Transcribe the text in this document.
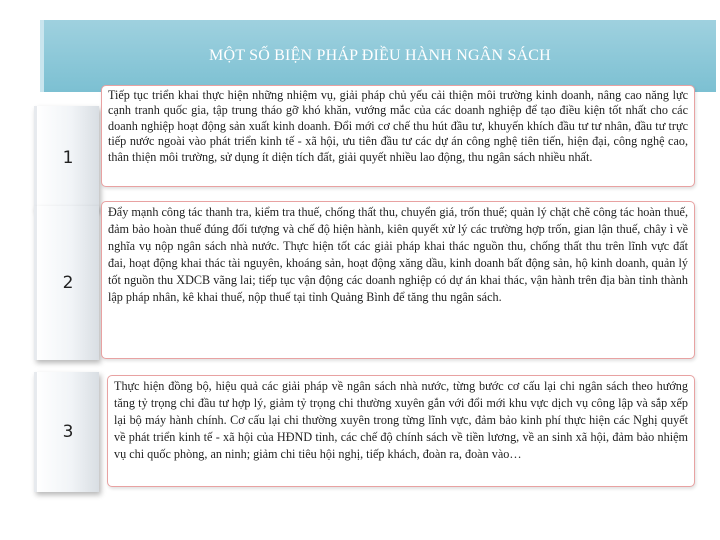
MỘT SỐ BIỆN PHÁP ĐIỀU HÀNH NGÂN SÁCH
1
Tiếp tục triển khai thực hiện những nhiệm vụ, giải pháp chủ yếu cải thiện môi trường kinh doanh, nâng cao năng lực cạnh tranh quốc gia, tập trung tháo gỡ khó khăn, vướng mắc của các doanh nghiệp để tạo điều kiện tốt nhất cho các doanh nghiệp hoạt động sản xuất kinh doanh. Đổi mới cơ chế thu hút đầu tư, khuyến khích đầu tư tư nhân, đầu tư trực tiếp nước ngoài vào phát triển kinh tế - xã hội, ưu tiên đầu tư các dự án công nghệ tiên tiến, hiện đại, công nghệ cao, thân thiện môi trường, sử dụng ít diện tích đất, giải quyết nhiều lao động, thu ngân sách nhiều nhất.
2
Đẩy mạnh công tác thanh tra, kiểm tra thuế, chống thất thu, chuyển giá, trốn thuế; quản lý chặt chẽ công tác hoàn thuế, đảm bảo hoàn thuế đúng đối tượng và chế độ hiện hành, kiên quyết xử lý các trường hợp trốn, gian lận thuế, chây ì về nghĩa vụ nộp ngân sách nhà nước. Thực hiện tốt các giải pháp khai thác nguồn thu, chống thất thu trên lĩnh vực đất đai, hoạt động khai thác tài nguyên, khoáng sản, hoạt động xăng dầu, kinh doanh bất động sản, hộ kinh doanh, quản lý tốt nguồn thu XDCB vãng lai; tiếp tục vận động các doanh nghiệp có dự án khai thác, vận hành trên địa bàn tỉnh thành lập pháp nhân, kê khai thuế, nộp thuế tại tỉnh Quảng Bình để tăng thu ngân sách.
3
Thực hiện đồng bộ, hiệu quả các giải pháp về ngân sách nhà nước, từng bước cơ cấu lại chi ngân sách theo hướng tăng tỷ trọng chi đầu tư hợp lý, giảm tỷ trọng chi thường xuyên gắn với đổi mới khu vực dịch vụ công lập và sắp xếp lại bộ máy hành chính. Cơ cấu lại chi thường xuyên trong từng lĩnh vực, đảm bảo kinh phí thực hiện các Nghị quyết về phát triển kinh tế - xã hội của HĐND tỉnh, các chế độ chính sách về tiền lương, về an sinh xã hội, đảm bảo nhiệm vụ chi quốc phòng, an ninh; giảm chi tiêu hội nghị, tiếp khách, đoàn ra, đoàn vào…
